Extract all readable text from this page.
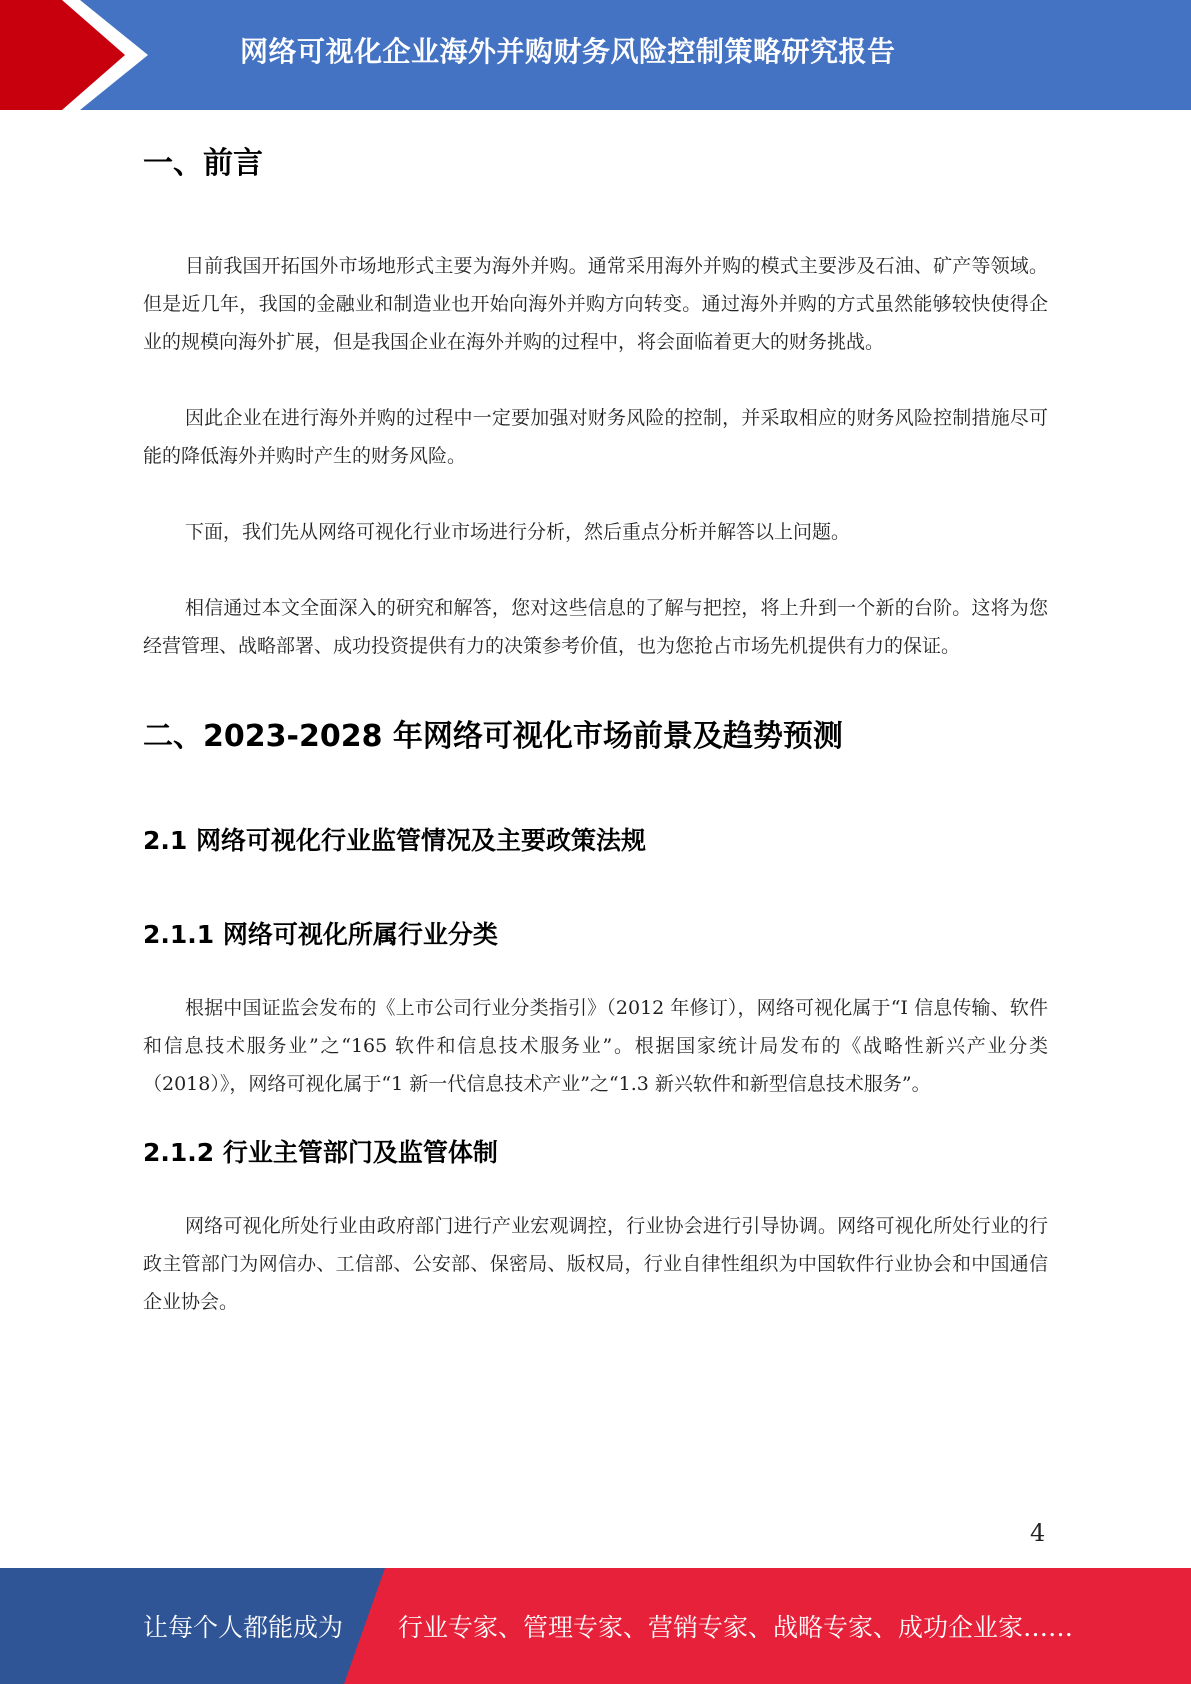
网络可视化企业海外并购财务风险控制策略研究报告
一、前言

目前我国开拓国外市场地形式主要为海外并购。通常采用海外并购的模式主要涉及石油、矿产等领域。但是近几年，我国的金融业和制造业也开始向海外并购方向转变。通过海外并购的方式虽然能够较快使得企业的规模向海外扩展，但是我国企业在海外并购的过程中，将会面临着更大的财务挑战。

因此企业在进行海外并购的过程中一定要加强对财务风险的控制，并采取相应的财务风险控制措施尽可能的降低海外并购时产生的财务风险。

下面，我们先从网络可视化行业市场进行分析，然后重点分析并解答以上问题。

相信通过本文全面深入的研究和解答，您对这些信息的了解与把控，将上升到一个新的台阶。这将为您经营管理、战略部署、成功投资提供有力的决策参考价值，也为您抢占市场先机提供有力的保证。

二、2023-2028 年网络可视化市场前景及趋势预测
2.1 网络可视化行业监管情况及主要政策法规
2.1.1 网络可视化所属行业分类

根据中国证监会发布的《上市公司行业分类指引》（2012 年修订），网络可视化属于“I 信息传输、软件和信息技术服务业”之“165 软件和信息技术服务业”。根据国家统计局发布的《战略性新兴产业分类（2018）》，网络可视化属于“1 新一代信息技术产业”之“1.3 新兴软件和新型信息技术服务”。

2.1.2 行业主管部门及监管体制

网络可视化所处行业由政府部门进行产业宏观调控，行业协会进行引导协调。网络可视化所处行业的行政主管部门为网信办、工信部、公安部、保密局、版权局，行业自律性组织为中国软件行业协会和中国通信企业协会。

4
让每个人都能成为 行业专家、管理专家、营销专家、战略专家、成功企业家……
